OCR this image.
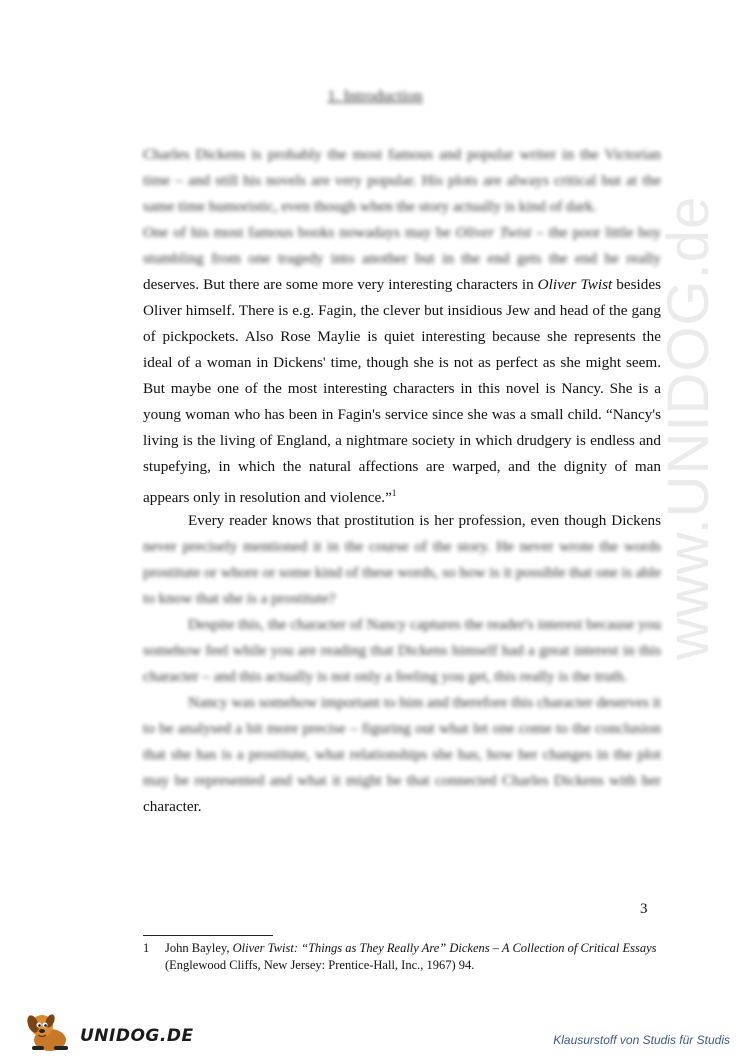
www.UNIDOG.de
1. Introduction
Charles Dickens is probably the most famous and popular writer in the Victorian time – and still his novels are very popular. His plots are always critical but at the same time humoristic, even though when the story actually is kind of dark.
One of his most famous books nowadays may be Oliver Twist – the poor little boy stumbling from one tragedy into another but in the end gets the end he really deserves. But there are some more very interesting characters in Oliver Twist besides Oliver himself. There is e.g. Fagin, the clever but insidious Jew and head of the gang of pickpockets. Also Rose Maylie is quiet interesting because she represents the ideal of a woman in Dickens' time, though she is not as perfect as she might seem. But maybe one of the most interesting characters in this novel is Nancy. She is a young woman who has been in Fagin's service since she was a small child. “Nancy's living is the living of England, a nightmare society in which drudgery is endless and stupefying, in which the natural affections are warped, and the dignity of man appears only in resolution and violence.”$^1$
Every reader knows that prostitution is her profession, even though Dickens never precisely mentioned it in the course of the story. He never wrote the words prostitute or whore or some kind of these words, so how is it possible that one is able to know that she is a prostitute?
Despite this, the character of Nancy captures the reader's interest because you somehow feel while you are reading that Dickens himself had a great interest in this character – and this actually is not only a feeling you get, this really is the truth.
Nancy was somehow important to him and therefore this character deserves it to be analysed a bit more precise – figuring out what let one come to the conclusion that she has is a prostitute, what relationships she has, how her changes in the plot may be represented and what it might be that connected Charles Dickens with her character.
3
1 John Bayley, Oliver Twist: “Things as They Really Are” Dickens – A Collection of Critical Essays
(Englewood Cliffs, New Jersey: Prentice-Hall, Inc., 1967) 94.
UNIDOG.DE	Klausurstoff von Studis für Studis
